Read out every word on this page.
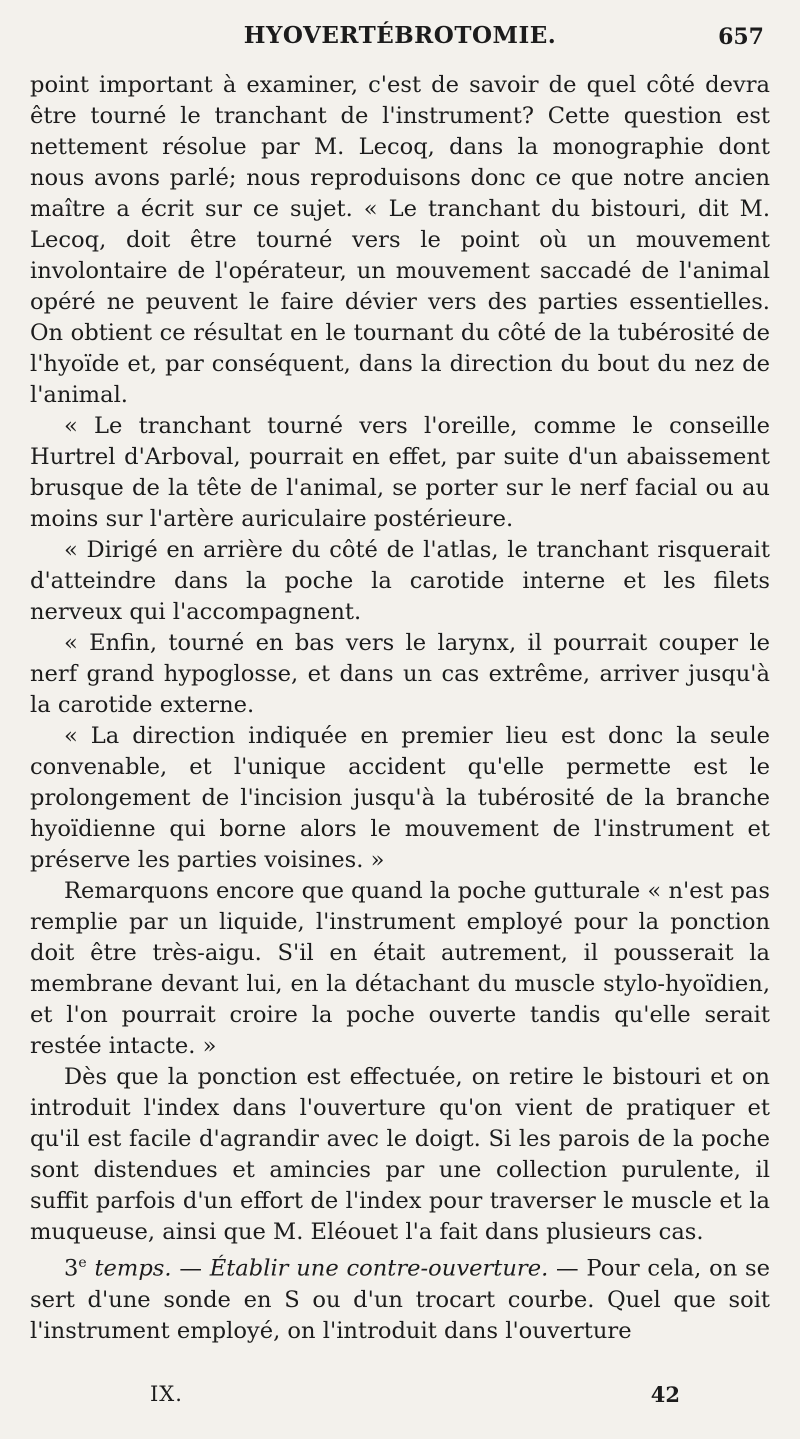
HYOVERTÉBROTOMIE.	657

point important à examiner, c'est de savoir de quel côté devra être tourné le tranchant de l'instrument? Cette question est nettement résolue par M. Lecoq, dans la monographie dont nous avons parlé; nous reproduisons donc ce que notre ancien maître a écrit sur ce sujet. « Le tranchant du bistouri, dit M. Lecoq, doit être tourné vers le point où un mouvement involontaire de l'opérateur, un mouvement saccadé de l'animal opéré ne peuvent le faire dévier vers des parties essentielles. On obtient ce résultat en le tournant du côté de la tubérosité de l'hyoïde et, par conséquent, dans la direction du bout du nez de l'animal.

« Le tranchant tourné vers l'oreille, comme le conseille Hurtrel d'Arboval, pourrait en effet, par suite d'un abaissement brusque de la tête de l'animal, se porter sur le nerf facial ou au moins sur l'artère auriculaire postérieure.

« Dirigé en arrière du côté de l'atlas, le tranchant risquerait d'atteindre dans la poche la carotide interne et les filets nerveux qui l'accompagnent.

« Enfin, tourné en bas vers le larynx, il pourrait couper le nerf grand hypoglosse, et dans un cas extrême, arriver jusqu'à la carotide externe.

« La direction indiquée en premier lieu est donc la seule convenable, et l'unique accident qu'elle permette est le prolongement de l'incision jusqu'à la tubérosité de la branche hyoïdienne qui borne alors le mouvement de l'instrument et préserve les parties voisines. »

Remarquons encore que quand la poche gutturale « n'est pas remplie par un liquide, l'instrument employé pour la ponction doit être très-aigu. S'il en était autrement, il pousserait la membrane devant lui, en la détachant du muscle stylo-hyoïdien, et l'on pourrait croire la poche ouverte tandis qu'elle serait restée intacte. »

Dès que la ponction est effectuée, on retire le bistouri et on introduit l'index dans l'ouverture qu'on vient de pratiquer et qu'il est facile d'agrandir avec le doigt. Si les parois de la poche sont distendues et amincies par une collection purulente, il suffit parfois d'un effort de l'index pour traverser le muscle et la muqueuse, ainsi que M. Eléouet l'a fait dans plusieurs cas.

3e temps. — Établir une contre-ouverture. — Pour cela, on se sert d'une sonde en S ou d'un trocart courbe. Quel que soit l'instrument employé, on l'introduit dans l'ouverture

IX.	42
